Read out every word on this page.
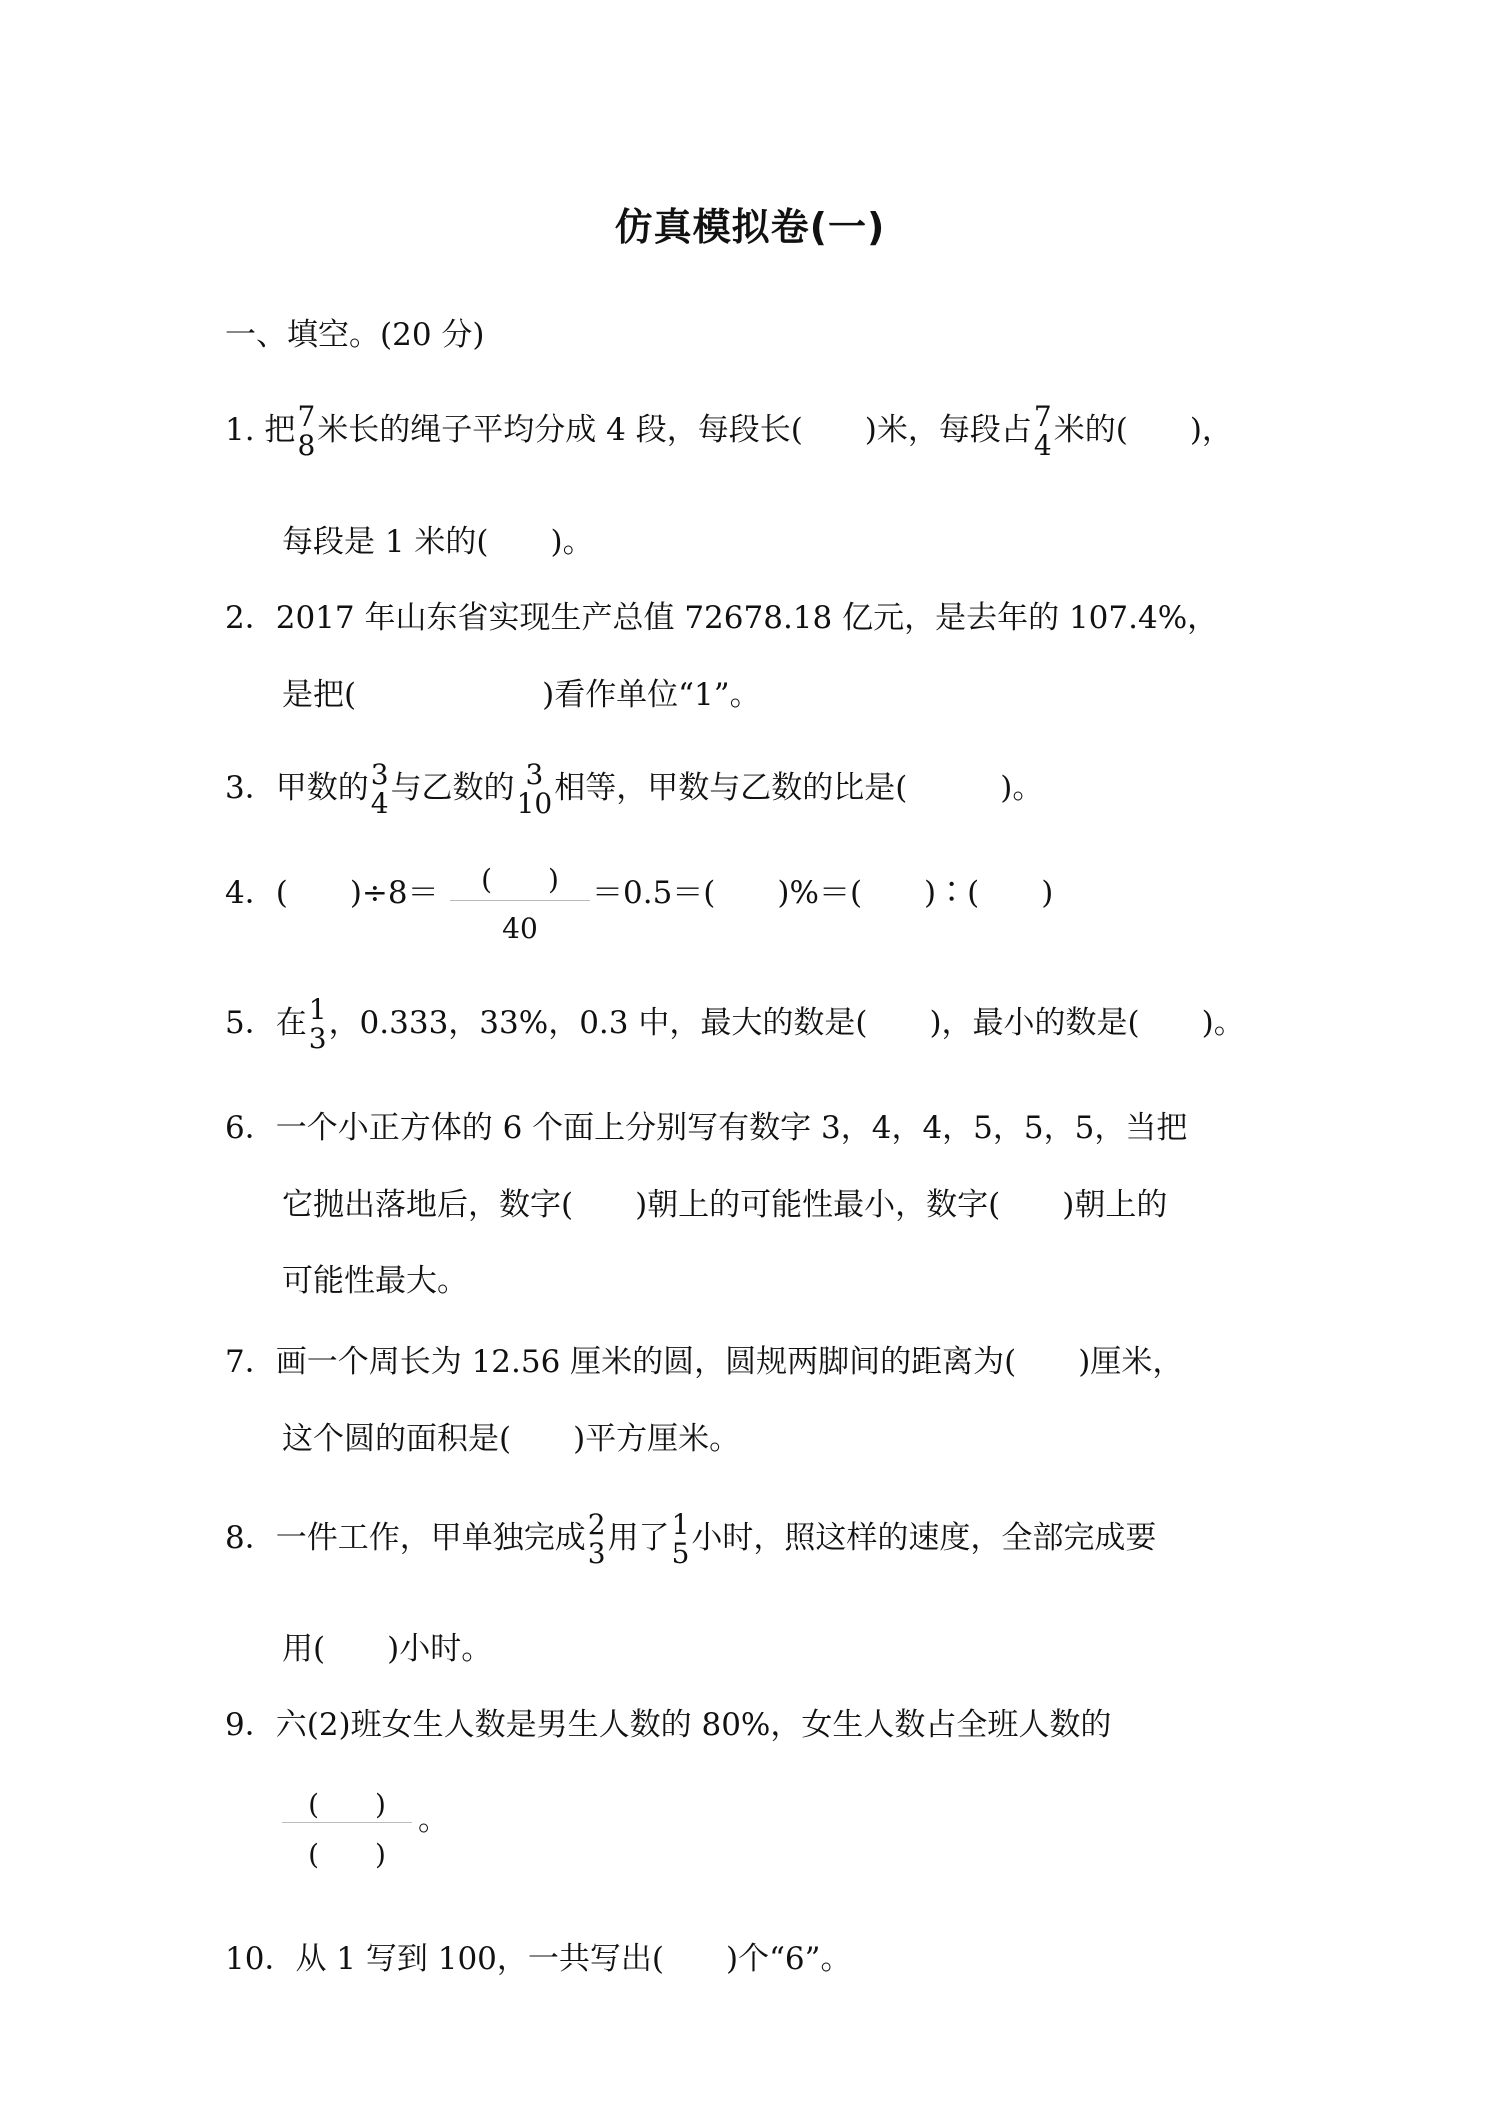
仿真模拟卷(一)
一、填空。(20 分)
1. 把 7
8 米长的绳子平均分成 4 段，每段长(　　)米，每段占 7
4 米的(　　)，
每段是 1 米的(　　)。
2．2017 年山东省实现生产总值 72678.18 亿元，是去年的 107.4%，
是把(　　　　　　)看作单位“1”。
3．甲数的 3
4 与乙数的 3
10 相等，甲数与乙数的比是(　　　)。
4．(　　)÷8＝	(　　)
40
＝0.5＝(　　)%＝(　　)∶(　　)
5．在 1
3 ，0.333，33%，0.3 中，最大的数是(　　)，最小的数是(　　)。
6．一个小正方体的 6 个面上分别写有数字 3，4，4，5，5，5，当把
它抛出落地后，数字(　　)朝上的可能性最小，数字(　　)朝上的
可能性最大。
7．画一个周长为 12.56 厘米的圆，圆规两脚间的距离为(　　)厘米，
这个圆的面积是(　　)平方厘米。
8．一件工作，甲单独完成 2
3 用了 1
5 小时，照这样的速度，全部完成要
用(　　)小时。
9．六(2)班女生人数是男生人数的 80%，女生人数占全班人数的
(　　)
(　　)
。
10．从 1 写到 100，一共写出(　　)个“6”。
